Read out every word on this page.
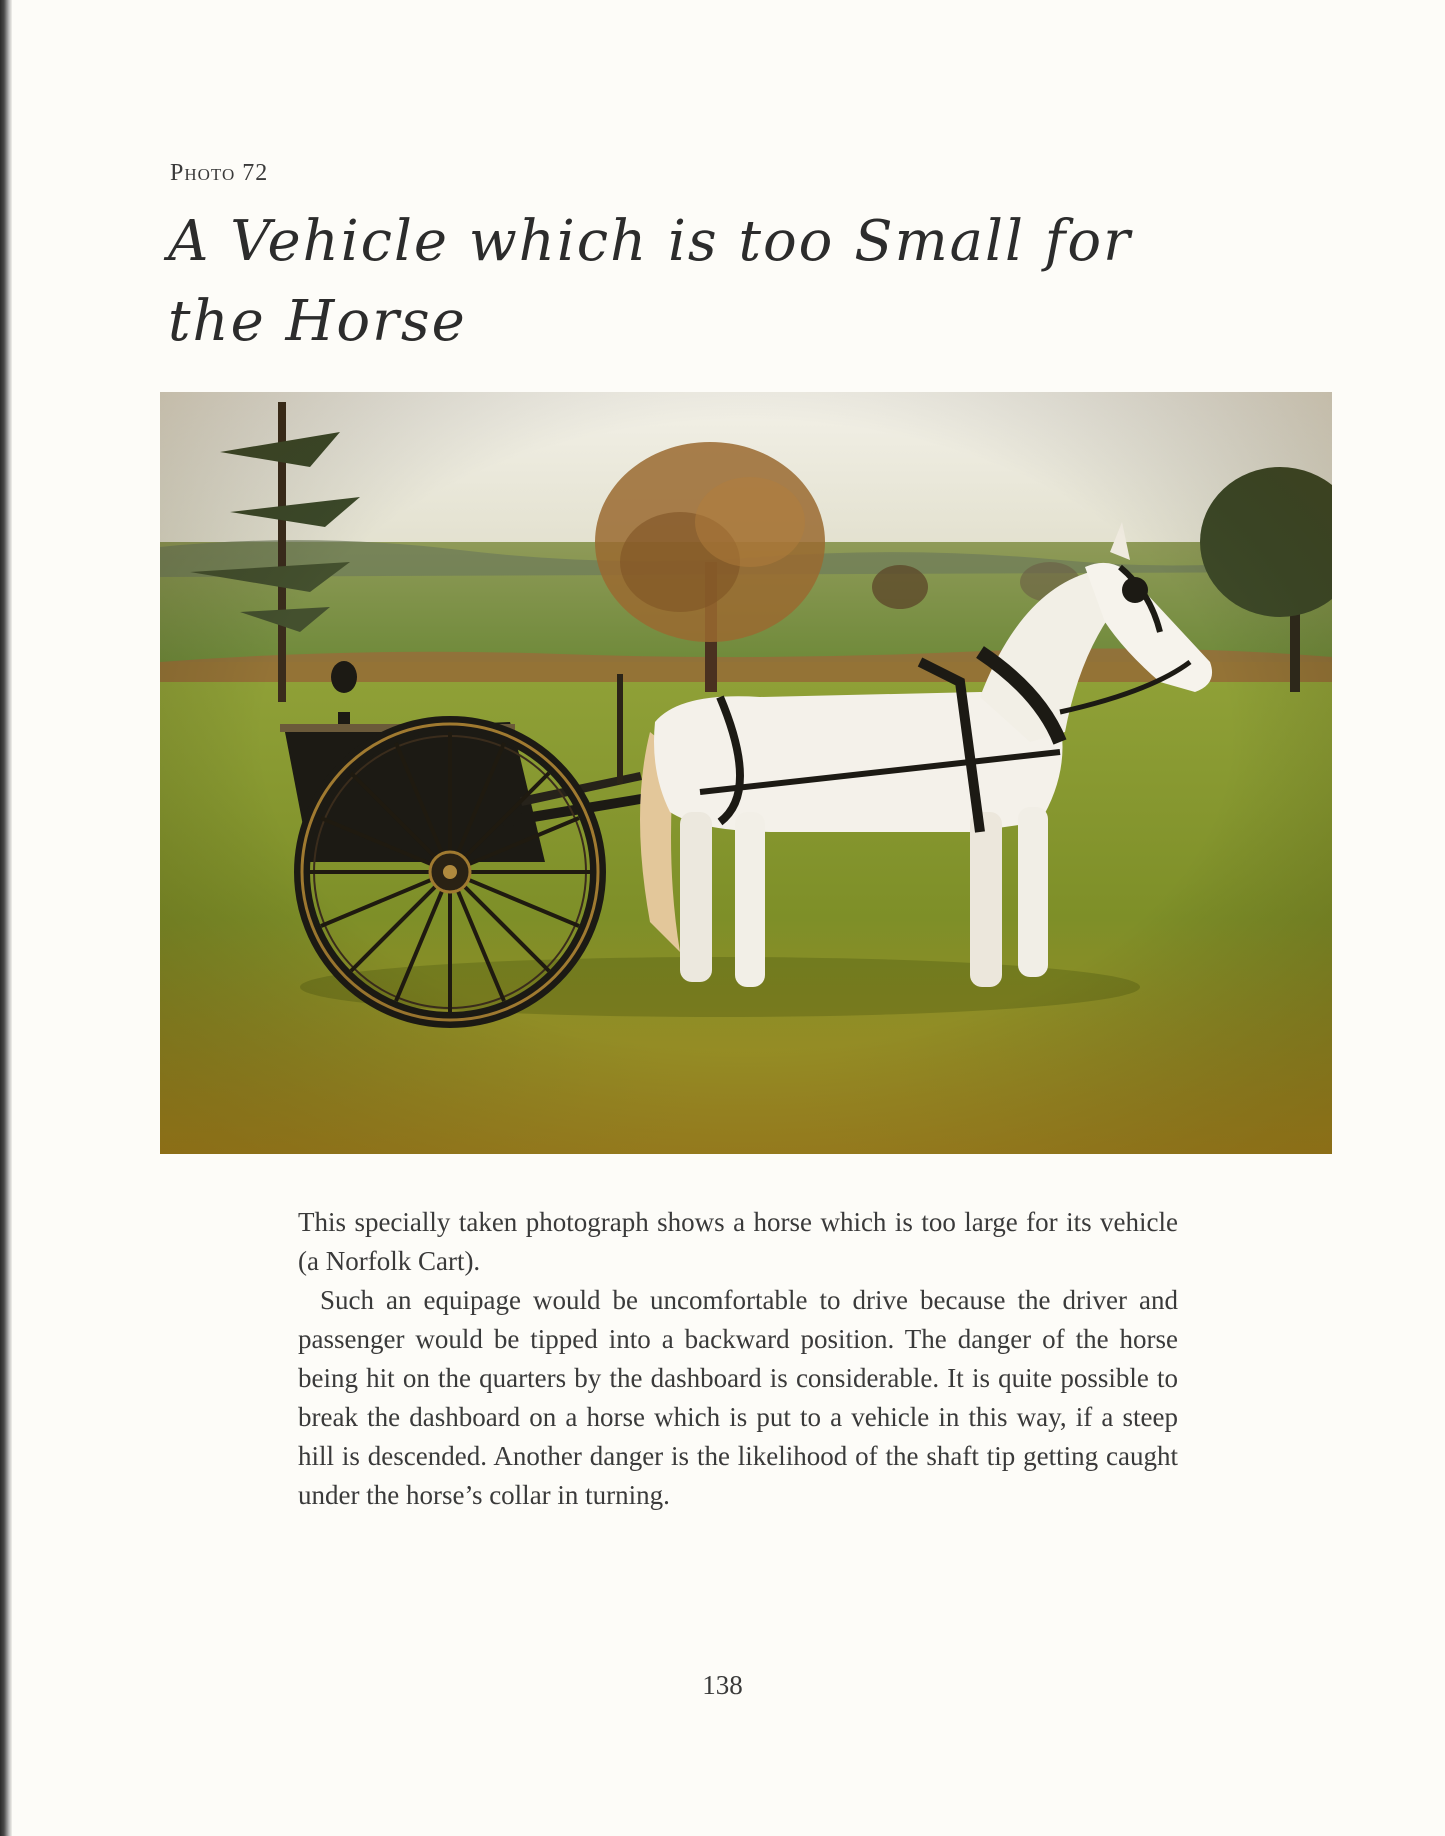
Photo 72
A Vehicle which is too Small for the Horse

This specially taken photograph shows a horse which is too large for its vehicle (a Norfolk Cart).

Such an equipage would be uncomfortable to drive because the driver and passenger would be tipped into a backward position. The danger of the horse being hit on the quarters by the dashboard is considerable. It is quite possible to break the dashboard on a horse which is put to a vehicle in this way, if a steep hill is descended. Another danger is the likelihood of the shaft tip getting caught under the horse’s collar in turning.

138
